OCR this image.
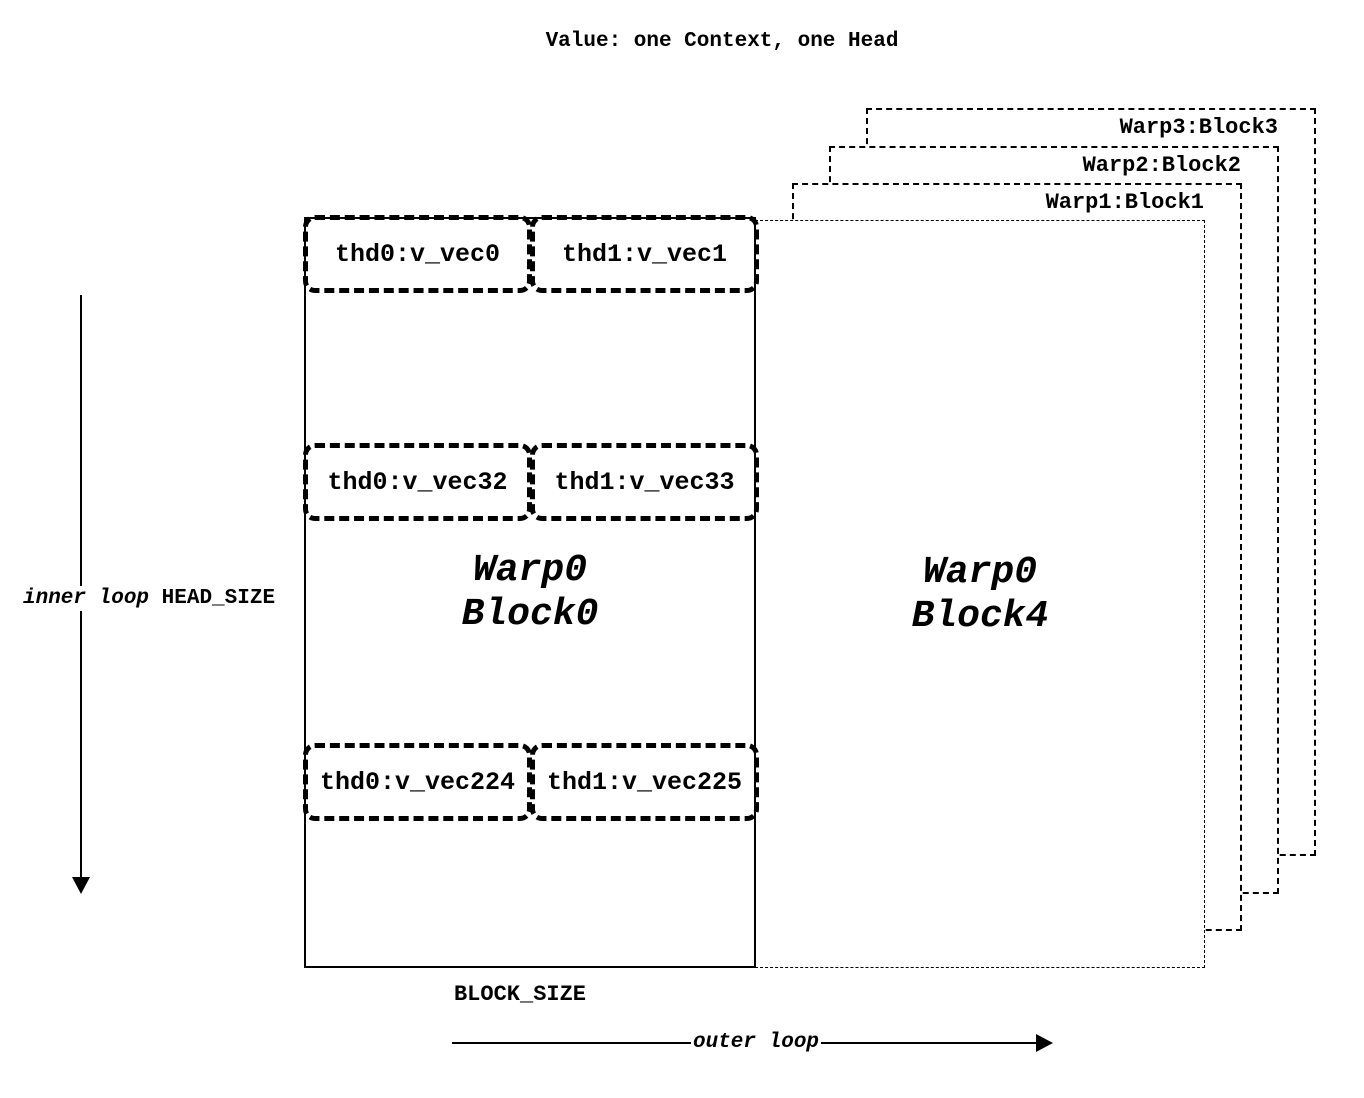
Value: one Context, one Head
Warp3:Block3
Warp2:Block2
Warp1:Block1
Warp0
Block4
thd0:v_vec0	thd1:v_vec1
thd0:v_vec32	thd1:v_vec33
Warp0
Block0
thd0:v_vec224	thd1:v_vec225
inner loop HEAD_SIZE
BLOCK_SIZE
outer loop
